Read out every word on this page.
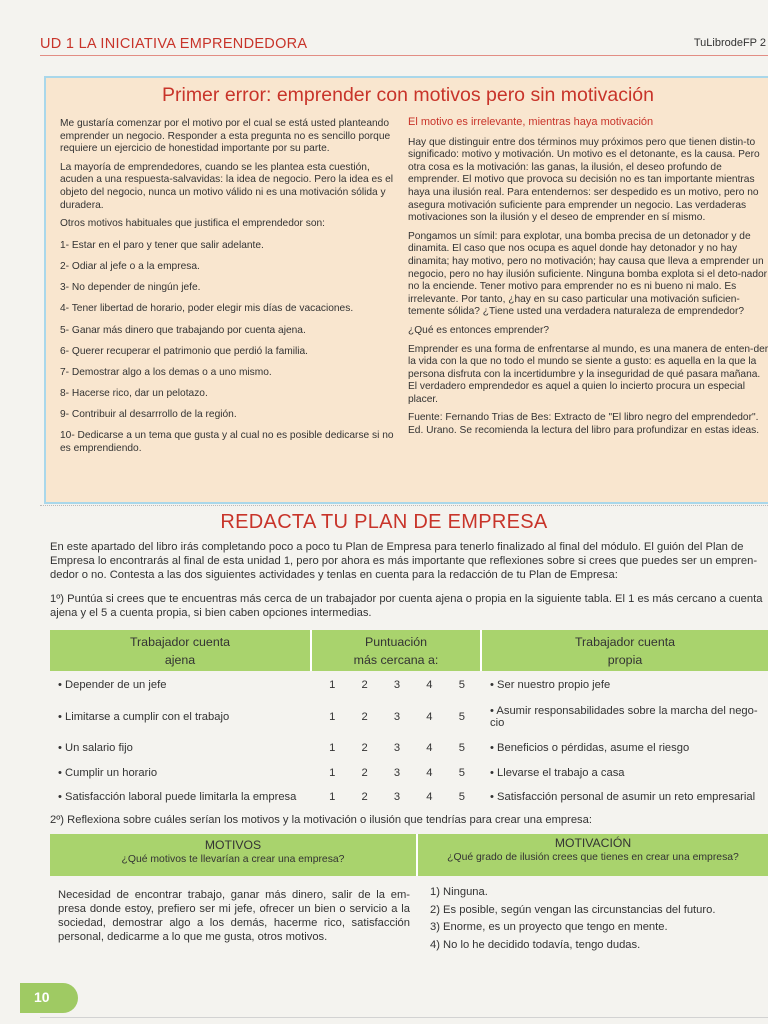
UD 1 LA INICIATIVA EMPRENDEDORA	TuLibrodeFP 2
Primer error: emprender con motivos pero sin motivación

Me gustaría comenzar por el motivo por el cual se está usted planteando emprender un negocio. Responder a esta pregunta no es sencillo porque requiere un ejercicio de honestidad importante por su parte.

La mayoría de emprendedores, cuando se les plantea esta cuestión, acuden a una respuesta-salvavidas: la idea de negocio. Pero la idea es el objeto del negocio, nunca un motivo válido ni es una motivación sólida y duradera.

Otros motivos habituales que justifica el emprendedor son:

1- Estar en el paro y tener que salir adelante.
2- Odiar al jefe o a la empresa.
3- No depender de ningún jefe.
4- Tener libertad de horario, poder elegir mis días de vacaciones.
5- Ganar más dinero que trabajando por cuenta ajena.
6- Querer recuperar el patrimonio que perdió la familia.
7- Demostrar algo a los demas o a uno mismo.
8- Hacerse rico, dar un pelotazo.
9- Contribuir al desarrrollo de la región.
10- Dedicarse a un tema que gusta y al cual no es posible dedicarse si no es emprendiendo.

El motivo es irrelevante, mientras haya motivación

Hay que distinguir entre dos términos muy próximos pero que tienen distin-to significado: motivo y motivación. Un motivo es el detonante, es la causa. Pero otra cosa es la motivación: las ganas, la ilusión, el deseo profundo de emprender. El motivo que provoca su decisión no es tan importante mientras haya una ilusión real. Para entendernos: ser despedido es un motivo, pero no asegura motivación suficiente para emprender un negocio. Las verdaderas motivaciones son la ilusión y el deseo de emprender en sí mismo.

Pongamos un símil: para explotar, una bomba precisa de un detonador y de dinamita. El caso que nos ocupa es aquel donde hay detonador y no hay dinamita; hay motivo, pero no motivación; hay causa que lleva a emprender un negocio, pero no hay ilusión suficiente. Ninguna bomba explota si el deto-nador no la enciende. Tener motivo para emprender no es ni bueno ni malo. Es irrelevante. Por tanto, ¿hay en su caso particular una motivación suficien-temente sólida? ¿Tiene usted una verdadera naturaleza de emprendedor?

¿Qué es entonces emprender?

Emprender es una forma de enfrentarse al mundo, es una manera de enten-der la vida con la que no todo el mundo se siente a gusto: es aquella en la que la persona disfruta con la incertidumbre y la inseguridad de qué pasara mañana. El verdadero emprendedor es aquel a quien lo incierto procura un especial placer.

Fuente: Fernando Trias de Bes: Extracto de "El libro negro del emprendedor". Ed. Urano. Se recomienda la lectura del libro para profundizar en estas ideas.

REDACTA TU PLAN DE EMPRESA
En este apartado del libro irás completando poco a poco tu Plan de Empresa para tenerlo finalizado al final del módulo. El guión del Plan de Empresa lo encontrarás al final de esta unidad 1, pero por ahora es más importante que reflexiones sobre si crees que puedes ser un empren-dedor o no. Contesta a las dos siguientes actividades y tenlas en cuenta para la redacción de tu Plan de Empresa:
1º) Puntúa si crees que te encuentras más cerca de un trabajador por cuenta ajena o propia en la siguiente tabla. El 1 es más cercano a cuenta ajena y el 5 a cuenta propia, si bien caben opciones intermedias.
Trabajador cuenta
ajena
Puntuación
más cercana a:
Trabajador cuenta
propia
• Depender de un jefe	1	2	3	4	5	• Ser nuestro propio jefe
• Limitarse a cumplir con el trabajo	1	2	3	4	5	• Asumir responsabilidades sobre la marcha del nego-cio
• Un salario fijo	1	2	3	4	5	• Beneficios o pérdidas, asume el riesgo
• Cumplir un horario	1	2	3	4	5	• Llevarse el trabajo a casa
• Satisfacción laboral puede limitarla la empresa	1	2	3	4	5	• Satisfacción personal de asumir un reto empresarial
2º) Reflexiona sobre cuáles serían los motivos y la motivación o ilusión que tendrías para crear una empresa:
MOTIVOS
¿Qué motivos te llevarían a crear una empresa?
MOTIVACIÓN
¿Qué grado de ilusión crees que tienes en crear una empresa?
Necesidad de encontrar trabajo, ganar más dinero, salir de la em-presa donde estoy, prefiero ser mi jefe, ofrecer un bien o servicio a la sociedad, demostrar algo a los demás, hacerme rico, satisfacción personal, dedicarme a lo que me gusta, otros motivos.
1) Ninguna.
2) Es posible, según vengan las circunstancias del futuro.
3) Enorme, es un proyecto que tengo en mente.
4) No lo he decidido todavía, tengo dudas.
10
